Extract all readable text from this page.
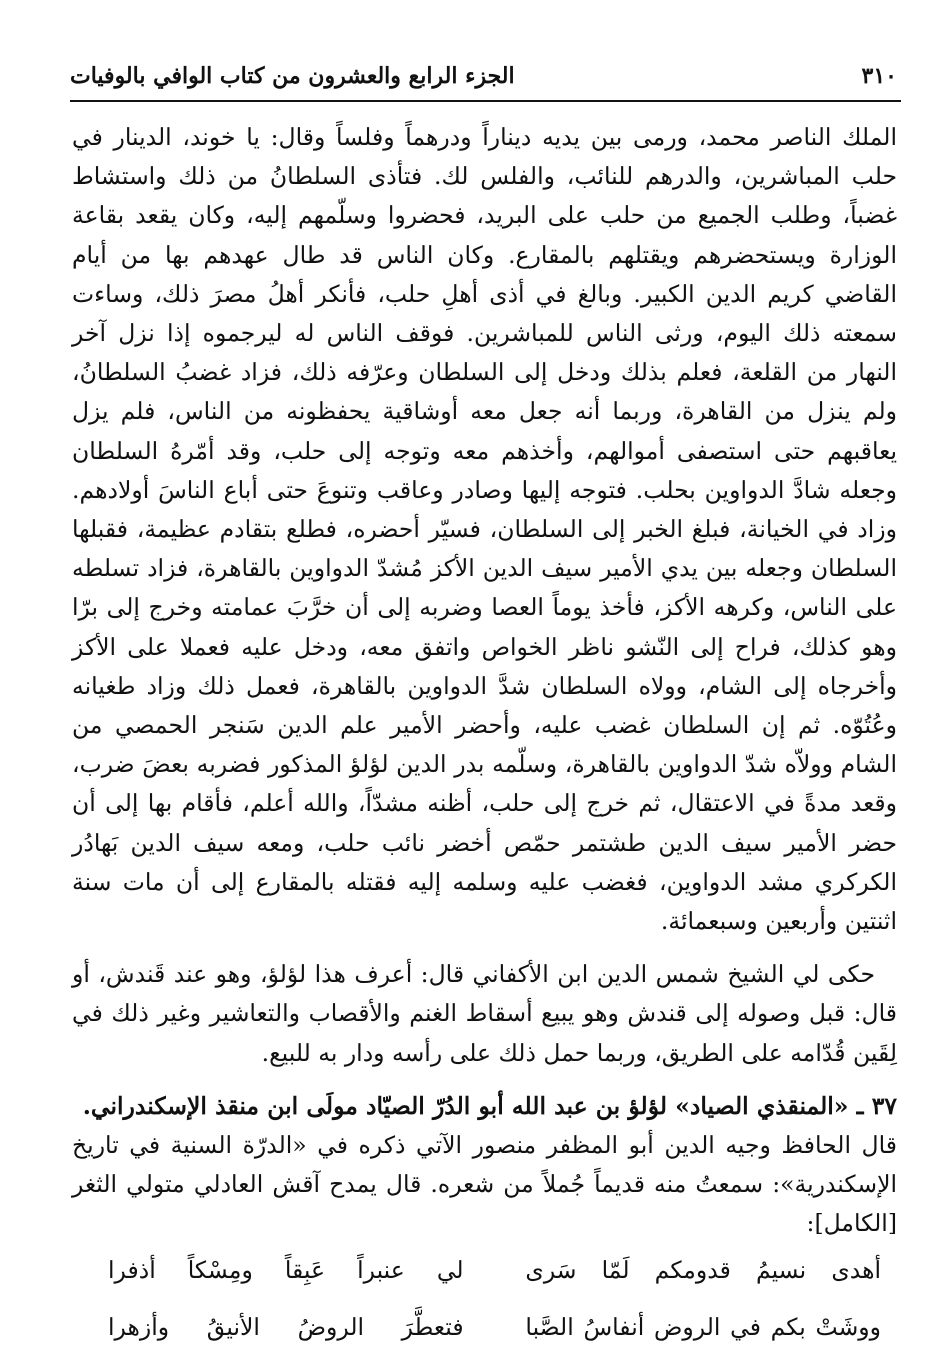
٣١٠
الجزء الرابع والعشرون من كتاب الوافي بالوفيات

الملك الناصر محمد، ورمى بين يديه ديناراً ودرهماً وفلساً وقال: يا خوند، الدينار في حلب المباشرين، والدرهم للنائب، والفلس لك. فتأذى السلطانُ من ذلك واستشاط غضباً، وطلب الجميع من حلب على البريد، فحضروا وسلّمهم إليه، وكان يقعد بقاعة الوزارة ويستحضرهم ويقتلهم بالمقارع. وكان الناس قد طال عهدهم بها من أيام القاضي كريم الدين الكبير. وبالغ في أذى أهلِ حلب، فأنكر أهلُ مصرَ ذلك، وساءت سمعته ذلك اليوم، ورثى الناس للمباشرين. فوقف الناس له ليرجموه إذا نزل آخر النهار من القلعة، فعلم بذلك ودخل إلى السلطان وعرّفه ذلك، فزاد غضبُ السلطانُ، ولم ينزل من القاهرة، وربما أنه جعل معه أوشاقية يحفظونه من الناس، فلم يزل يعاقبهم حتى استصفى أموالهم، وأخذهم معه وتوجه إلى حلب، وقد أمّرهُ السلطان وجعله شادَّ الدواوين بحلب. فتوجه إليها وصادر وعاقب وتنوعَ حتى أباع الناسَ أولادهم. وزاد في الخيانة، فبلغ الخبر إلى السلطان، فسيّر أحضره، فطلع بتقادم عظيمة، فقبلها السلطان وجعله بين يدي الأمير سيف الدين الأكز مُشدّ الدواوين بالقاهرة، فزاد تسلطه على الناس، وكرهه الأكز، فأخذ يوماً العصا وضربه إلى أن خرَّبَ عمامته وخرج إلى برّا وهو كذلك، فراح إلى النّشو ناظر الخواص واتفق معه، ودخل عليه فعملا على الأكز وأخرجاه إلى الشام، وولاه السلطان شدَّ الدواوين بالقاهرة، فعمل ذلك وزاد طغيانه وعُتُوّه. ثم إن السلطان غضب عليه، وأحضر الأمير علم الدين سَنجر الحمصي من الشام وولاّه شدّ الدواوين بالقاهرة، وسلّمه بدر الدين لؤلؤ المذكور فضربه بعضَ ضرب، وقعد مدةً في الاعتقال، ثم خرج إلى حلب، أظنه مشدّاً، والله أعلم، فأقام بها إلى أن حضر الأمير سيف الدين طشتمر حمّص أخضر نائب حلب، ومعه سيف الدين بَهادُر الكركري مشد الدواوين، فغضب عليه وسلمه إليه فقتله بالمقارع إلى أن مات سنة اثنتين وأربعين وسبعمائة.

حكى لي الشيخ شمس الدين ابن الأكفاني قال: أعرف هذا لؤلؤ، وهو عند قَندش، أو قال: قبل وصوله إلى قندش وهو يبيع أسقاط الغنم والأقصاب والتعاشير وغير ذلك في لِقَين قُدّامه على الطريق، وربما حمل ذلك على رأسه ودار به للبيع.

٣٧ ـ «المنقذي الصياد» لؤلؤ بن عبد الله أبو الدُرّ الصيّاد مولَى ابن منقذ الإسكندراني.

قال الحافظ وجيه الدين أبو المظفر منصور الآتي ذكره في «الدرّة السنية في تاريخ الإسكندرية»: سمعتُ منه قديماً جُملاً من شعره. قال يمدح آقش العادلي متولي الثغر [الكامل]:

أهدى نسيمُ قدومكم لَمّا سَرى
لي عنبراً عَبِقاً ومِسْكاً أذفرا
ووشَتْ بكم في الروض أنفاسُ الصَّبا
فتعطَّرَ الروضُ الأنيقُ وأزهرا
